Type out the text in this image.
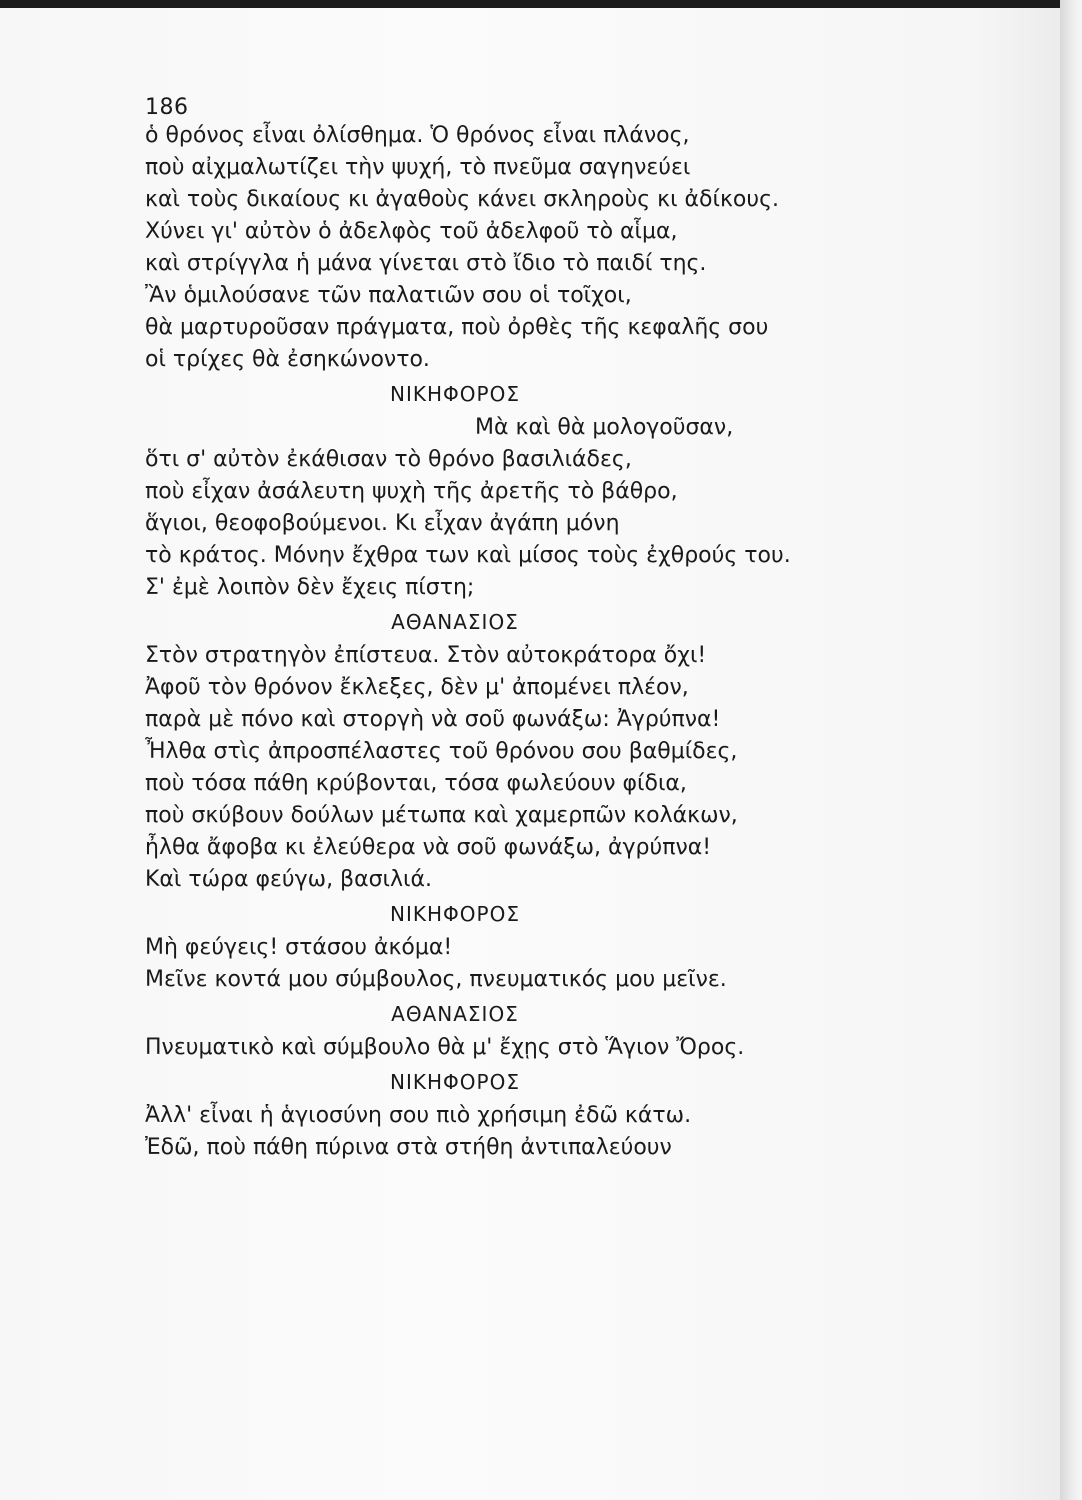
186
ὁ θρόνος εἶναι ὀλίσθημα. Ὁ θρόνος εἶναι πλάνος,
ποὺ αἰχμαλωτίζει τὴν ψυχή, τὸ πνεῦμα σαγηνεύει
καὶ τοὺς δικαίους κι ἀγαθοὺς κάνει σκληροὺς κι ἀδίκους.
Χύνει γι' αὐτὸν ὁ ἀδελφὸς τοῦ ἀδελφοῦ τὸ αἷμα,
καὶ στρίγγλα ἡ μάνα γίνεται στὸ ἴδιο τὸ παιδί της.
Ἂν ὁμιλούσανε τῶν παλατιῶν σου οἱ τοῖχοι,
θὰ μαρτυροῦσαν πράγματα, ποὺ ὀρθὲς τῆς κεφαλῆς σου
οἱ τρίχες θὰ ἐσηκώνοντο.
ΝΙΚΗΦΟΡΟΣ
Μὰ καὶ θὰ μολογοῦσαν,
ὅτι σ' αὐτὸν ἐκάθισαν τὸ θρόνο βασιλιάδες,
ποὺ εἶχαν ἀσάλευτη ψυχὴ τῆς ἀρετῆς τὸ βάθρο,
ἅγιοι, θεοφοβούμενοι. Κι εἶχαν ἀγάπη μόνη
τὸ κράτος. Μόνην ἔχθρα των καὶ μίσος τοὺς ἐχθρούς του.
Σ' ἐμὲ λοιπὸν δὲν ἔχεις πίστη;
ΑΘΑΝΑΣΙΟΣ
Στὸν στρατηγὸν ἐπίστευα. Στὸν αὐτοκράτορα ὄχι!
Ἀφοῦ τὸν θρόνον ἔκλεξες, δὲν μ' ἀπομένει πλέον,
παρὰ μὲ πόνο καὶ στοργὴ νὰ σοῦ φωνάξω: Ἀγρύπνα!
Ἦλθα στὶς ἀπροσπέλαστες τοῦ θρόνου σου βαθμίδες,
ποὺ τόσα πάθη κρύβονται, τόσα φωλεύουν φίδια,
ποὺ σκύβουν δούλων μέτωπα καὶ χαμερπῶν κολάκων,
ἦλθα ἄφοβα κι ἐλεύθερα νὰ σοῦ φωνάξω, ἀγρύπνα!
Καὶ τώρα φεύγω, βασιλιά.
ΝΙΚΗΦΟΡΟΣ
Μὴ φεύγεις! στάσου ἀκόμα!
Μεῖνε κοντά μου σύμβουλος, πνευματικός μου μεῖνε.
ΑΘΑΝΑΣΙΟΣ
Πνευματικὸ καὶ σύμβουλο θὰ μ' ἔχῃς στὸ Ἅγιον Ὄρος.
ΝΙΚΗΦΟΡΟΣ
Ἀλλ' εἶναι ἡ ἁγιοσύνη σου πιὸ χρήσιμη ἐδῶ κάτω.
Ἐδῶ, ποὺ πάθη πύρινα στὰ στήθη ἀντιπαλεύουν
